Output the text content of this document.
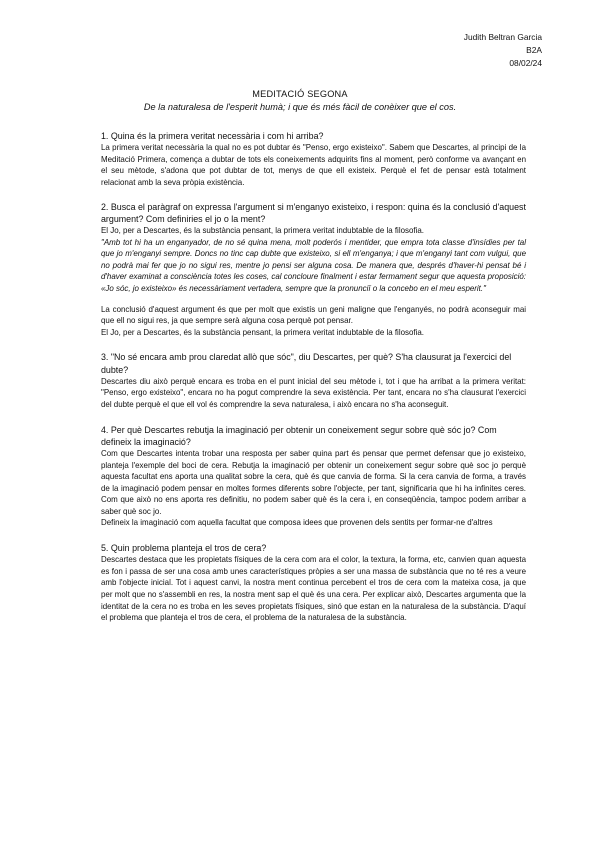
Judith Beltran Garcia
B2A
08/02/24
MEDITACIÓ SEGONA
De la naturalesa de l'esperit humà; i que és més fàcil de conèixer que el cos.

1. Quina és la primera veritat necessària i com hi arriba?

La primera veritat necessària la qual no es pot dubtar és "Penso, ergo existeixo". Sabem que Descartes, al principi de la Meditació Primera, comença a dubtar de tots els coneixements adquirits fins al moment, però conforme va avançant en el seu mètode, s'adona que pot dubtar de tot, menys de que ell existeix. Perquè el fet de pensar està totalment relacionat amb la seva pròpia existència.

2. Busca el paràgraf on expressa l'argument si m'enganyo existeixo, i respon: quina és la conclusió d'aquest argument? Com definiries el jo o la ment?

El Jo, per a Descartes, és la substància pensant, la primera veritat indubtable de la filosofia.

"Amb tot hi ha un enganyador, de no sé quina mena, molt poderós i mentider, que empra tota classe d'insídies per tal que jo m'enganyi sempre. Doncs no tinc cap dubte que existeixo, si ell m'enganya; i que m'enganyi tant com vulgui, que no podrà mai fer que jo no sigui res, mentre jo pensi ser alguna cosa. De manera que, després d'haver-hi pensat bé i d'haver examinat a consciència totes les coses, cal concloure finalment i estar fermament segur que aquesta proposició: «Jo sóc, jo existeixo» és necessàriament vertadera, sempre que la pronunciï o la concebo en el meu esperit."

La conclusió d'aquest argument és que per molt que existís un geni maligne que l'enganyés, no podrà aconseguir mai que ell no sigui res, ja que sempre serà alguna cosa perquè pot pensar.

El Jo, per a Descartes, és la substància pensant, la primera veritat indubtable de la filosofia.

3. "No sé encara amb prou claredat allò que sóc", diu Descartes, per què? S'ha clausurat ja l'exercici del dubte?

Descartes diu això perquè encara es troba en el punt inicial del seu mètode i, tot i que ha arribat a la primera veritat: "Penso, ergo existeixo", encara no ha pogut comprendre la seva existència. Per tant, encara no s'ha clausurat l'exercici del dubte perquè el que ell vol és comprendre la seva naturalesa, i això encara no s'ha aconseguit.

4. Per què Descartes rebutja la imaginació per obtenir un coneixement segur sobre què sóc jo? Com defineix la imaginació?

Com que Descartes intenta trobar una resposta per saber quina part és pensar que permet defensar que jo existeixo, planteja l'exemple del boci de cera. Rebutja la imaginació per obtenir un coneixement segur sobre què soc jo perquè aquesta facultat ens aporta una qualitat sobre la cera, què és que canvia de forma. Si la cera canvia de forma, a través de la imaginació podem pensar en moltes formes diferents sobre l'objecte, per tant, significaria que hi ha infinites ceres. Com que això no ens aporta res definitiu, no podem saber què és la cera i, en conseqüència, tampoc podem arribar a saber què soc jo.

Defineix la imaginació com aquella facultat que composa idees que provenen dels sentits per formar-ne d'altres

5. Quin problema planteja el tros de cera?

Descartes destaca que les propietats físiques de la cera com ara el color, la textura, la forma, etc, canvien quan aquesta es fon i passa de ser una cosa amb unes característiques pròpies a ser una massa de substància que no té res a veure amb l'objecte inicial. Tot i aquest canvi, la nostra ment continua percebent el tros de cera com la mateixa cosa, ja que per molt que no s'assembli en res, la nostra ment sap el què és una cera. Per explicar això, Descartes argumenta que la identitat de la cera no es troba en les seves propietats físiques, sinó que estan en la naturalesa de la substància. D'aquí el problema que planteja el tros de cera, el problema de la naturalesa de la substància.
